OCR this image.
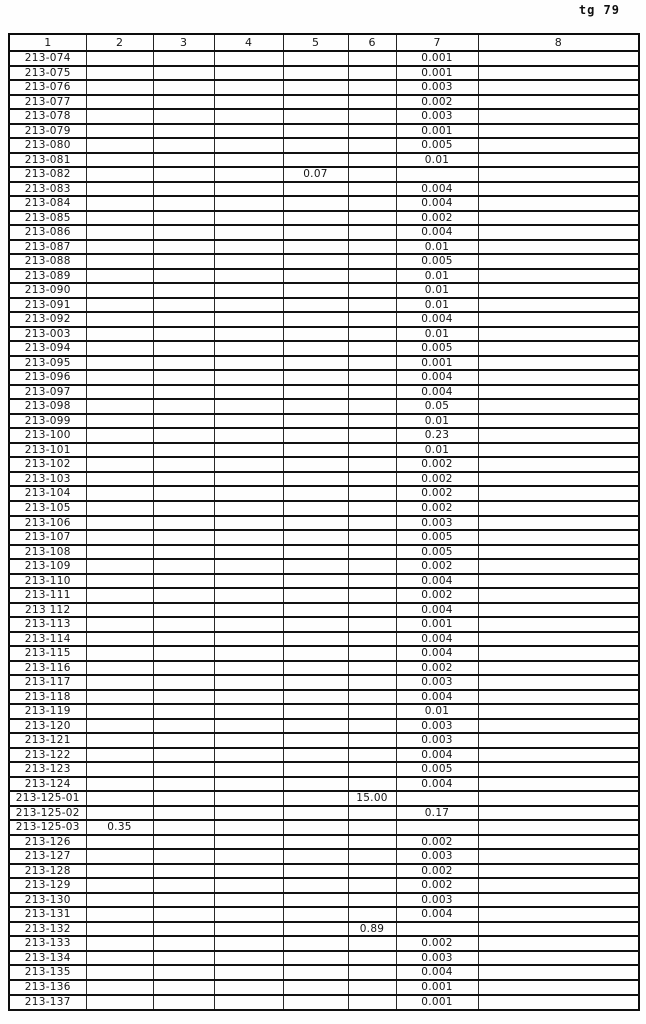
tg 79
1	2	3	4	5	6	7	8
213-074						0.001	
213-075						0.001	
213-076						0.003	
213-077						0.002	
213-078						0.003	
213-079						0.001	
213-080						0.005	
213-081						0.01	
213-082				0.07			
213-083						0.004	
213-084						0.004	
213-085						0.002	
213-086						0.004	
213-087						0.01	
213-088						0.005	
213-089						0.01	
213-090						0.01	
213-091						0.01	
213-092						0.004	
213-003						0.01	
213-094						0.005	
213-095						0.001	
213-096						0.004	
213-097						0.004	
213-098						0.05	
213-099						0.01	
213-100						0.23	
213-101						0.01	
213-102						0.002	
213-103						0.002	
213-104						0.002	
213-105						0.002	
213-106						0.003	
213-107						0.005	
213-108						0.005	
213-109						0.002	
213-110						0.004	
213-111						0.002	
213 112						0.004	
213-113						0.001	
213-114						0.004	
213-115						0.004	
213-116						0.002	
213-117						0.003	
213-118						0.004	
213-119						0.01	
213-120						0.003	
213-121						0.003	
213-122						0.004	
213-123						0.005	
213-124						0.004	
213-125-01					15.00		
213-125-02						0.17	
213-125-03	0.35						
213-126						0.002	
213-127						0.003	
213-128						0.002	
213-129						0.002	
213-130						0.003	
213-131						0.004	
213-132					0.89		
213-133						0.002	
213-134						0.003	
213-135						0.004	
213-136						0.001	
213-137						0.001	
